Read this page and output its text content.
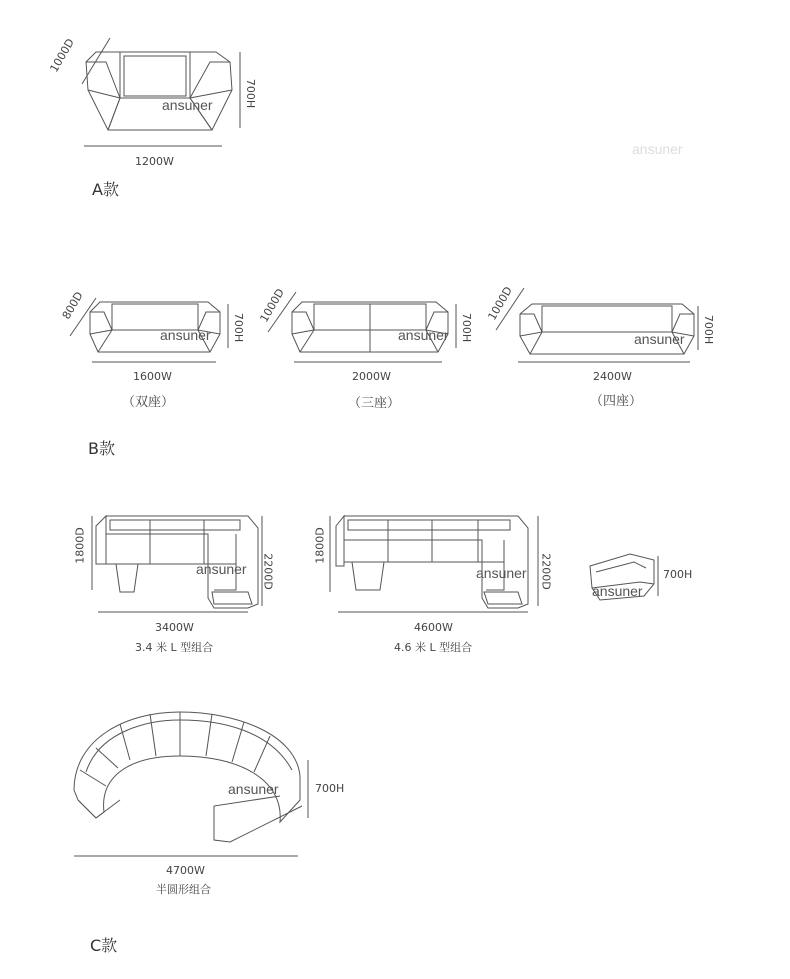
1000D
700H
1200W
ansuner
ansuner
A款
800D
700H
1600W
（双座）
ansuner
1000D
700H
2000W
（三座）
ansuner
1000D
700H
2400W
（四座）
ansuner
B款
1800D
2200D
3400W
3.4 米 L 型组合
ansuner
1800D
2200D
4600W
4.6 米 L 型组合
ansuner
ansuner
700H
ansuner	700H
4700W
半圆形组合
C款
